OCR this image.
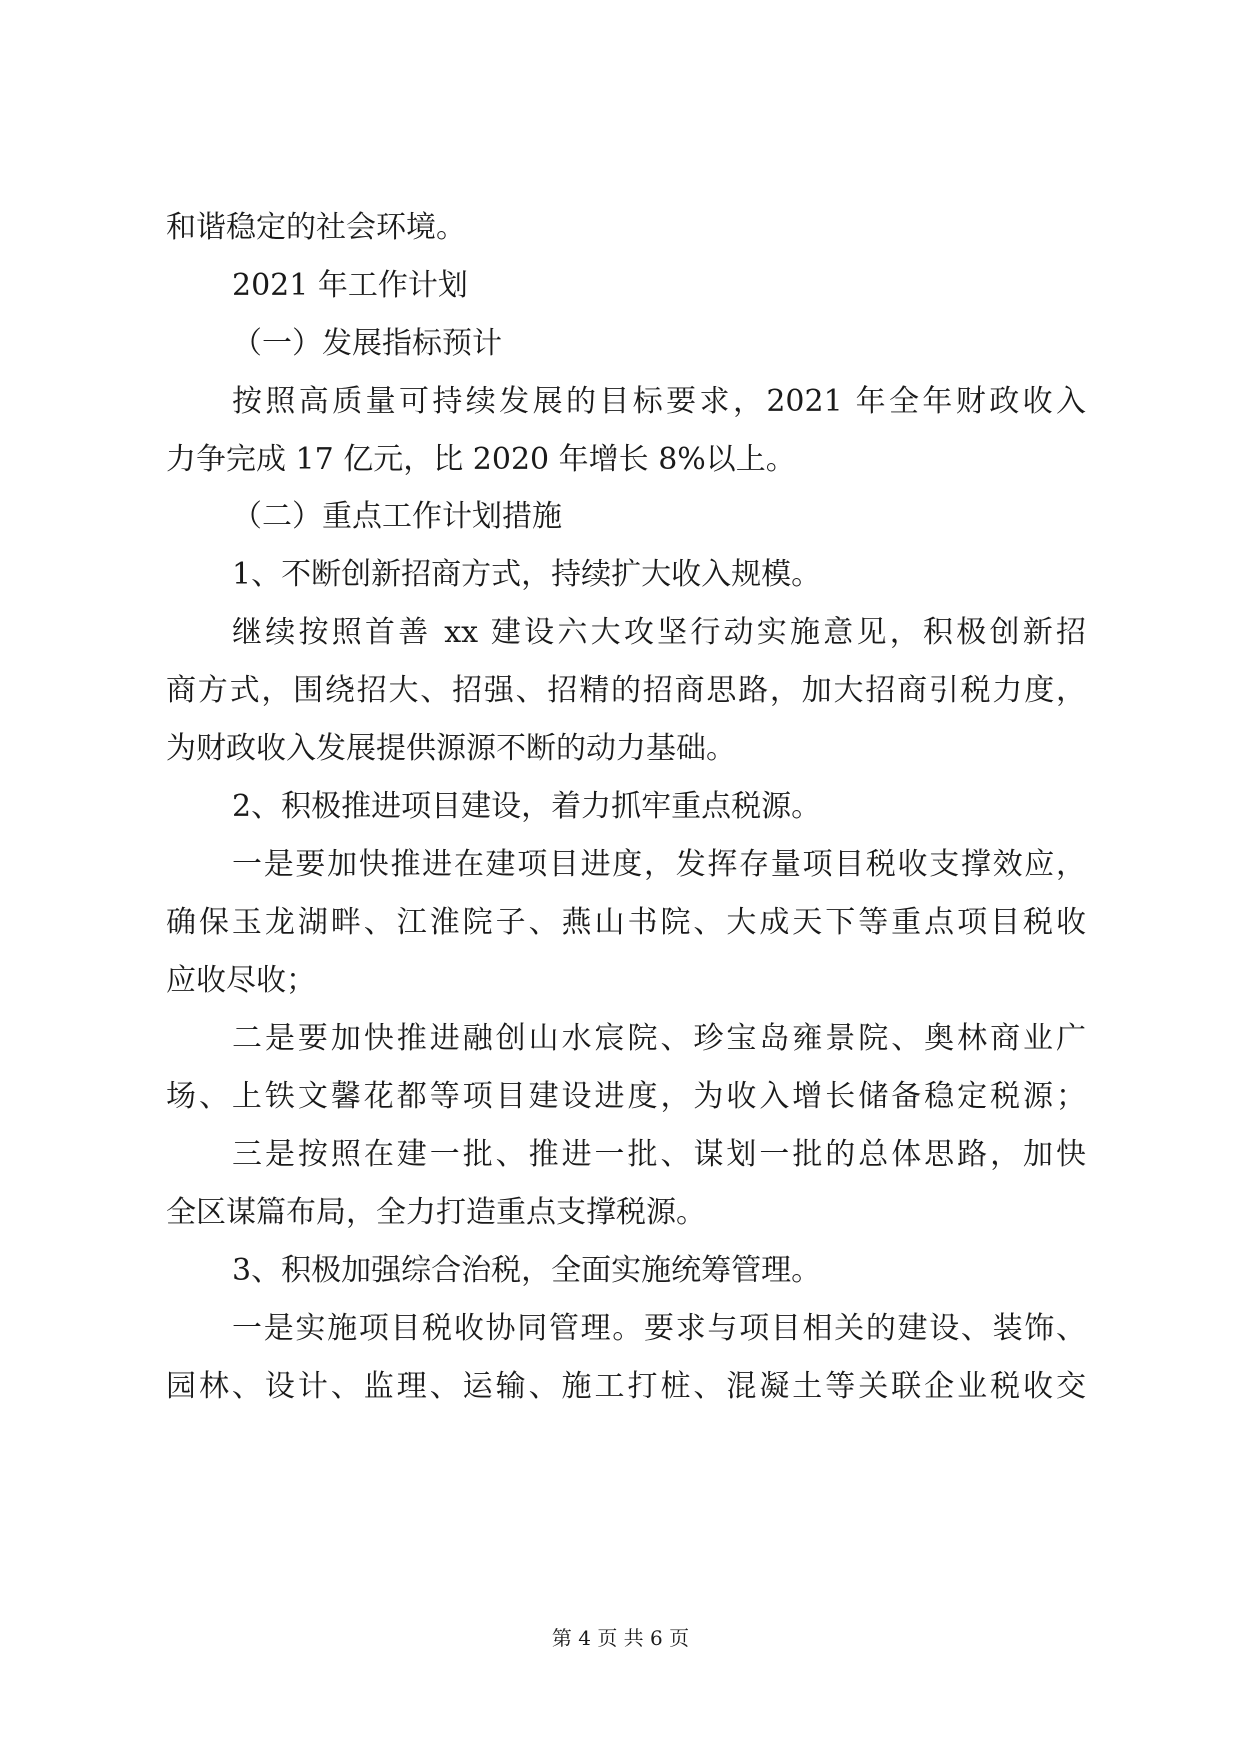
和谐稳定的社会环境。
2021 年工作计划
（一）发展指标预计
按照高质量可持续发展的目标要求，2021 年全年财政收入
力争完成 17 亿元，比 2020 年增长 8%以上。
（二）重点工作计划措施
1、不断创新招商方式，持续扩大收入规模。
继续按照首善 xx 建设六大攻坚行动实施意见，积极创新招
商方式，围绕招大、招强、招精的招商思路，加大招商引税力度，
为财政收入发展提供源源不断的动力基础。
2、积极推进项目建设，着力抓牢重点税源。
一是要加快推进在建项目进度，发挥存量项目税收支撑效应，
确保玉龙湖畔、江淮院子、燕山书院、大成天下等重点项目税收
应收尽收；
二是要加快推进融创山水宸院、珍宝岛雍景院、奥林商业广
场、上铁文馨花都等项目建设进度，为收入增长储备稳定税源；
三是按照在建一批、推进一批、谋划一批的总体思路，加快
全区谋篇布局，全力打造重点支撑税源。
3、积极加强综合治税，全面实施统筹管理。
一是实施项目税收协同管理。要求与项目相关的建设、装饰、
园林、设计、监理、运输、施工打桩、混凝土等关联企业税收交
第 4 页 共 6 页
